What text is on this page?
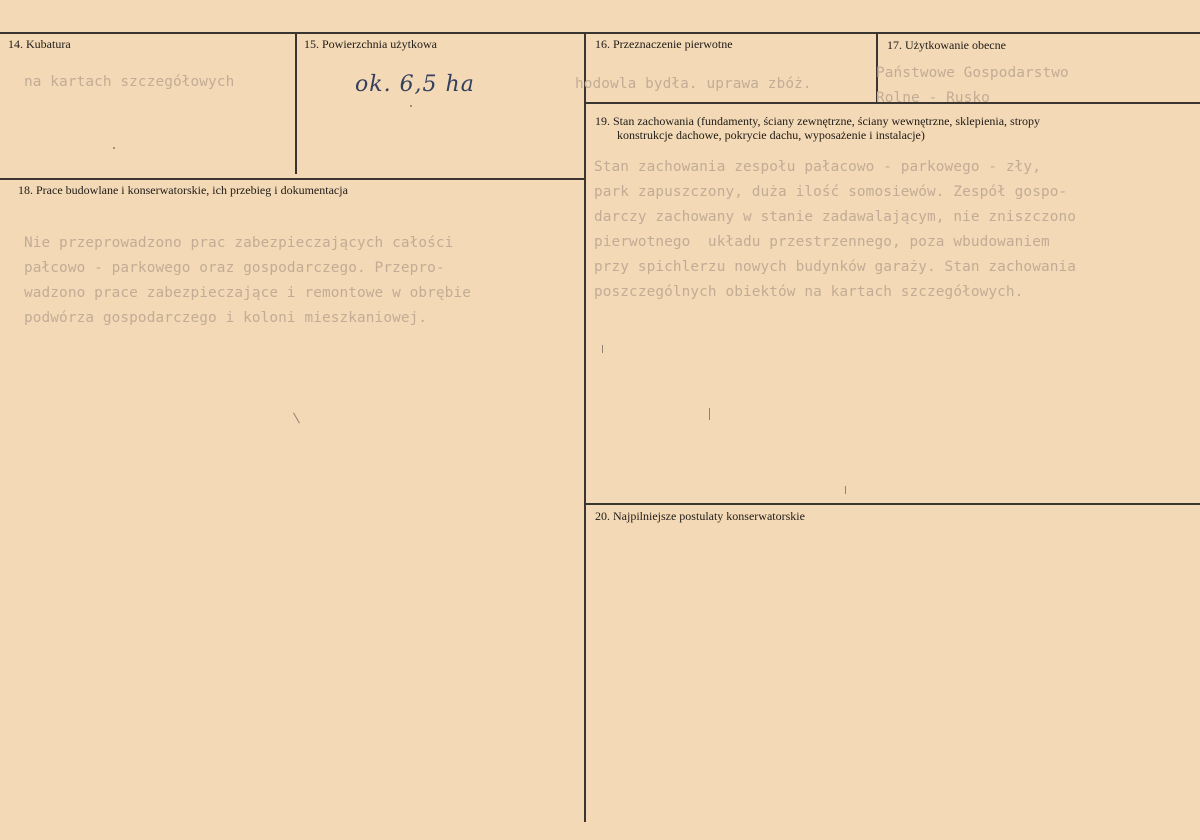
14. Kubatura
na kartach szczegółowych
15. Powierzchnia użytkowa
ok. 6,5 ha
16. Przeznaczenie pierwotne
hodowla bydła. uprawa zbóż.
17. Użytkowanie obecne
Państwowe Gospodarstwo
Rolne - Rusko
18. Prace budowlane i konserwatorskie, ich przebieg i dokumentacja
Nie przeprowadzono prac zabezpieczających całości
pałcowo - parkowego oraz gospodarczego. Przepro-
wadzono prace zabezpieczające i remontowe w obrębie
podwórza gospodarczego i koloni mieszkaniowej.
19. Stan zachowania (fundamenty, ściany zewnętrzne, ściany wewnętrzne, sklepienia, stropy
konstrukcje dachowe, pokrycie dachu, wyposażenie i instalacje)
Stan zachowania zespołu pałacowo - parkowego - zły,
park zapuszczony, duża ilość somosiewów. Zespół gospo-
darczy zachowany w stanie zadawalającym, nie zniszczono
pierwotnego  układu przestrzennego, poza wbudowaniem
przy spichlerzu nowych budynków garaży. Stan zachowania
poszczególnych obiektów na kartach szczegółowych.
20. Najpilniejsze postulaty konserwatorskie
